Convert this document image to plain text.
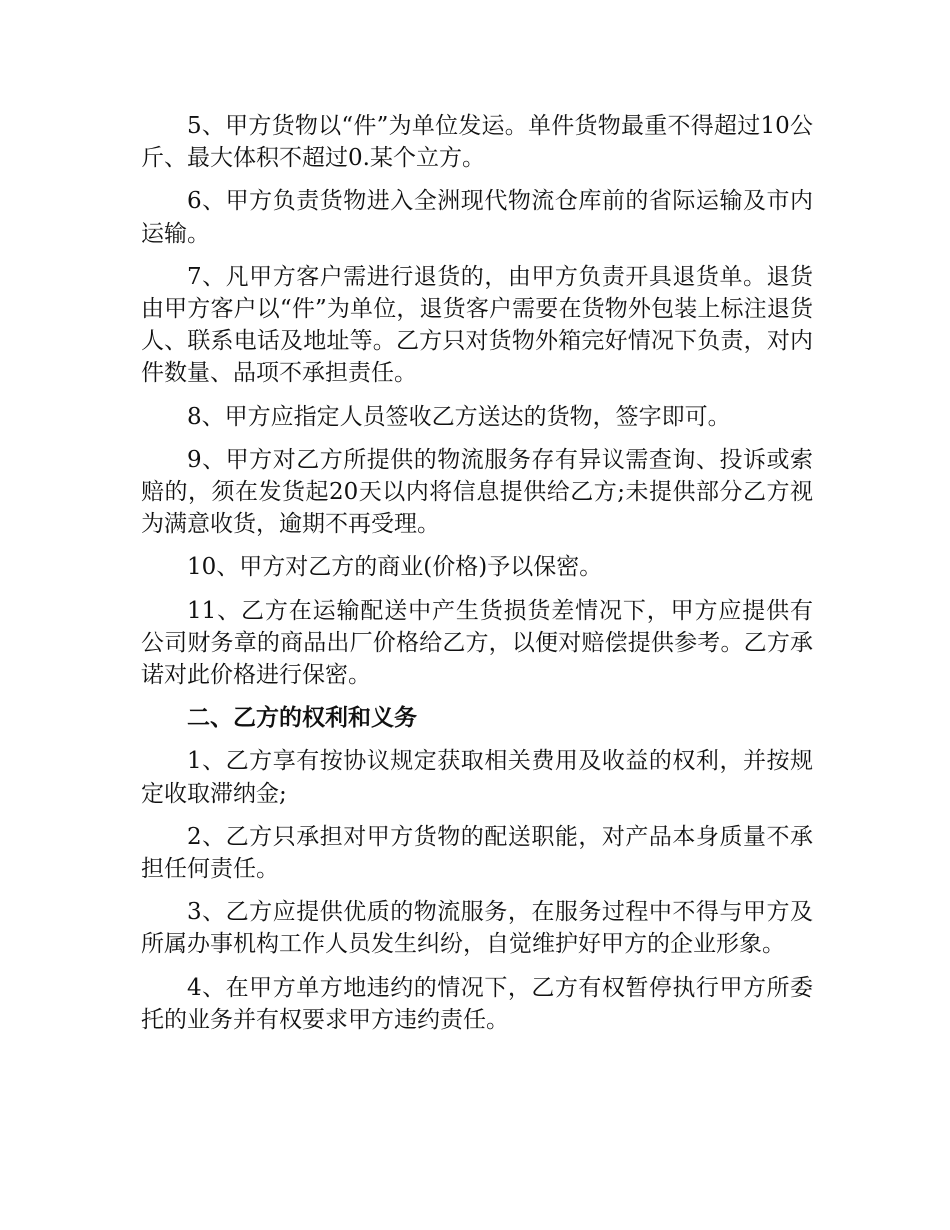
5、甲方货物以“件”为单位发运。单件货物最重不得超过10公斤、最大体积不超过0.某个立方。

6、甲方负责货物进入全洲现代物流仓库前的省际运输及市内运输。

7、凡甲方客户需进行退货的，由甲方负责开具退货单。退货由甲方客户以“件”为单位，退货客户需要在货物外包装上标注退货人、联系电话及地址等。乙方只对货物外箱完好情况下负责，对内件数量、品项不承担责任。

8、甲方应指定人员签收乙方送达的货物，签字即可。

9、甲方对乙方所提供的物流服务存有异议需查询、投诉或索赔的，须在发货起20天以内将信息提供给乙方;未提供部分乙方视为满意收货，逾期不再受理。

10、甲方对乙方的商业(价格)予以保密。

11、乙方在运输配送中产生货损货差情况下，甲方应提供有公司财务章的商品出厂价格给乙方，以便对赔偿提供参考。乙方承诺对此价格进行保密。

二、乙方的权利和义务

1、乙方享有按协议规定获取相关费用及收益的权利，并按规定收取滞纳金;

2、乙方只承担对甲方货物的配送职能，对产品本身质量不承担任何责任。

3、乙方应提供优质的物流服务，在服务过程中不得与甲方及所属办事机构工作人员发生纠纷，自觉维护好甲方的企业形象。

4、在甲方单方地违约的情况下，乙方有权暂停执行甲方所委托的业务并有权要求甲方违约责任。
